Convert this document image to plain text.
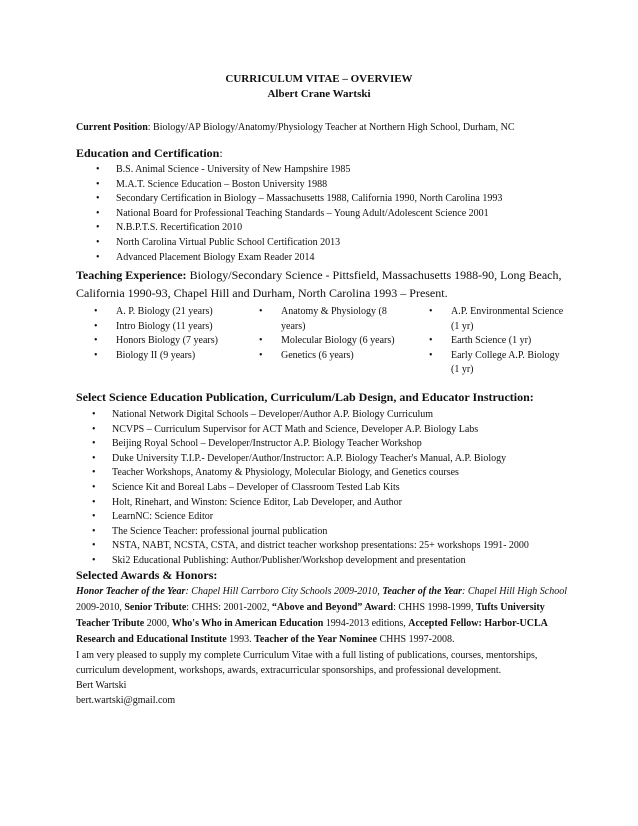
CURRICULUM VITAE – OVERVIEW
Albert Crane Wartski
Current Position: Biology/AP Biology/Anatomy/Physiology Teacher at Northern High School, Durham, NC
Education and Certification:
• B.S. Animal Science - University of New Hampshire 1985
• M.A.T. Science Education – Boston University 1988
• Secondary Certification in Biology – Massachusetts 1988, California 1990, North Carolina 1993
• National Board for Professional Teaching Standards – Young Adult/Adolescent Science 2001
• N.B.P.T.S. Recertification 2010
• North Carolina Virtual Public School Certification 2013
• Advanced Placement Biology Exam Reader 2014
Teaching Experience: Biology/Secondary Science - Pittsfield, Massachusetts 1988-90, Long Beach,
California 1990-93, Chapel Hill and Durham, North Carolina 1993 – Present.
• A. P. Biology (21 years)
• Intro Biology (11 years)
• Honors Biology (7 years)
• Biology II (9 years)
• Anatomy & Physiology (8 years)
• Molecular Biology (6 years)
• Genetics (6 years)
• A.P. Environmental Science (1 yr)
• Earth Science (1 yr)
• Early College A.P. Biology (1 yr)
Select Science Education Publication, Curriculum/Lab Design, and Educator Instruction:
• National Network Digital Schools – Developer/Author A.P. Biology Curriculum
• NCVPS – Curriculum Supervisor for ACT Math and Science, Developer A.P. Biology Labs
• Beijing Royal School – Developer/Instructor A.P. Biology Teacher Workshop
• Duke University T.I.P.- Developer/Author/Instructor: A.P. Biology Teacher's Manual, A.P. Biology
• Teacher Workshops, Anatomy & Physiology, Molecular Biology, and Genetics courses
• Science Kit and Boreal Labs – Developer of Classroom Tested Lab Kits
• Holt, Rinehart, and Winston: Science Editor, Lab Developer, and Author
• LearnNC: Science Editor
• The Science Teacher: professional journal publication
• NSTA, NABT, NCSTA, CSTA, and district teacher workshop presentations: 25+ workshops 1991- 2000
• Ski2 Educational Publishing: Author/Publisher/Workshop development and presentation
Selected Awards & Honors:
Honor Teacher of the Year: Chapel Hill Carrboro City Schools 2009-2010, Teacher of the Year: Chapel Hill High School 2009-2010, Senior Tribute: CHHS: 2001-2002, “Above and Beyond” Award: CHHS 1998-1999, Tufts University Teacher Tribute 2000, Who's Who in American Education 1994-2013 editions, Accepted Fellow: Harbor-UCLA Research and Educational Institute 1993. Teacher of the Year Nominee CHHS 1997-2008.
I am very pleased to supply my complete Curriculum Vitae with a full listing of publications, courses, mentorships,
curriculum development, workshops, awards, extracurricular sponsorships, and professional development.
Bert Wartski
bert.wartski@gmail.com
